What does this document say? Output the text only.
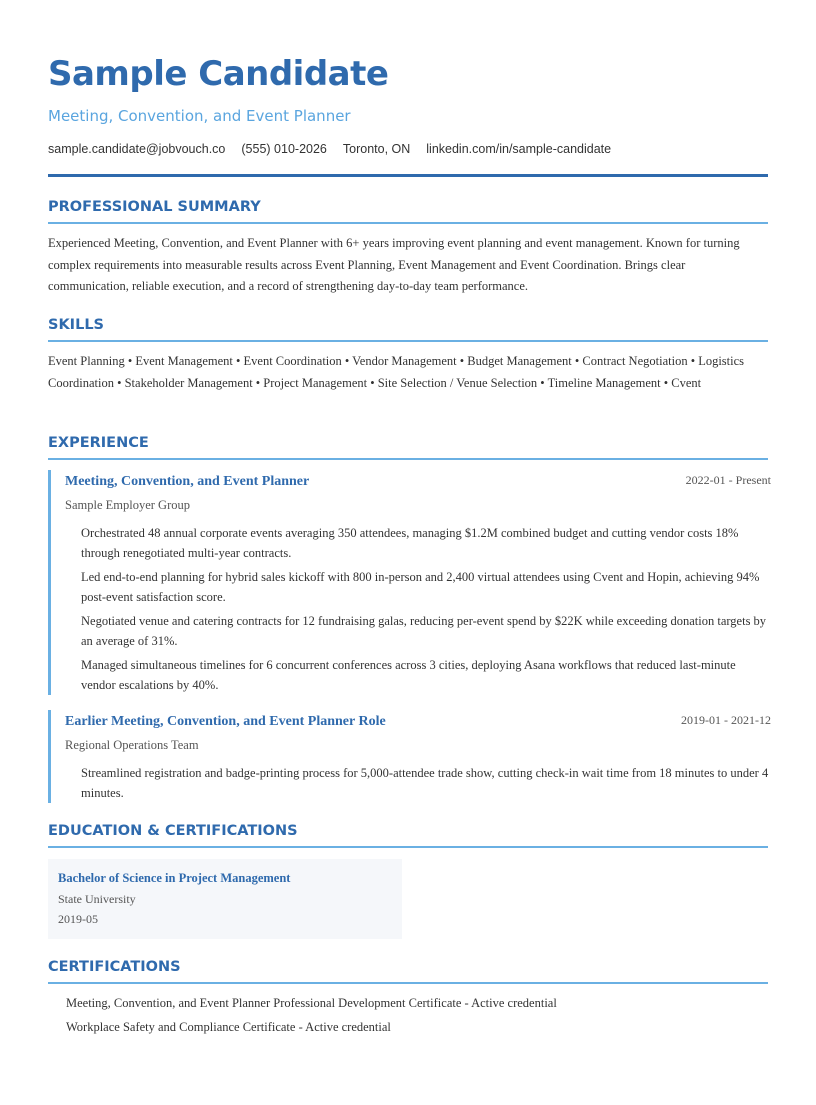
Sample Candidate
Meeting, Convention, and Event Planner
sample.candidate@jobvouch.co (555) 010-2026 Toronto, ON linkedin.com/in/sample-candidate
PROFESSIONAL SUMMARY
Experienced Meeting, Convention, and Event Planner with 6+ years improving event planning and event management. Known for turning complex requirements into measurable results across Event Planning, Event Management and Event Coordination. Brings clear communication, reliable execution, and a record of strengthening day-to-day team performance.
SKILLS
Event Planning • Event Management • Event Coordination • Vendor Management • Budget Management • Contract Negotiation • Logistics Coordination • Stakeholder Management • Project Management • Site Selection / Venue Selection • Timeline Management • Cvent
EXPERIENCE
Meeting, Convention, and Event Planner	2022-01 - Present
Sample Employer Group
Orchestrated 48 annual corporate events averaging 350 attendees, managing $1.2M combined budget and cutting vendor costs 18% through renegotiated multi-year contracts.
Led end-to-end planning for hybrid sales kickoff with 800 in-person and 2,400 virtual attendees using Cvent and Hopin, achieving 94% post-event satisfaction score.
Negotiated venue and catering contracts for 12 fundraising galas, reducing per-event spend by $22K while exceeding donation targets by an average of 31%.
Managed simultaneous timelines for 6 concurrent conferences across 3 cities, deploying Asana workflows that reduced last-minute vendor escalations by 40%.
Earlier Meeting, Convention, and Event Planner Role	2019-01 - 2021-12
Regional Operations Team
Streamlined registration and badge-printing process for 5,000-attendee trade show, cutting check-in wait time from 18 minutes to under 4 minutes.
EDUCATION & CERTIFICATIONS
Bachelor of Science in Project Management
State University
2019-05
CERTIFICATIONS
Meeting, Convention, and Event Planner Professional Development Certificate - Active credential
Workplace Safety and Compliance Certificate - Active credential
